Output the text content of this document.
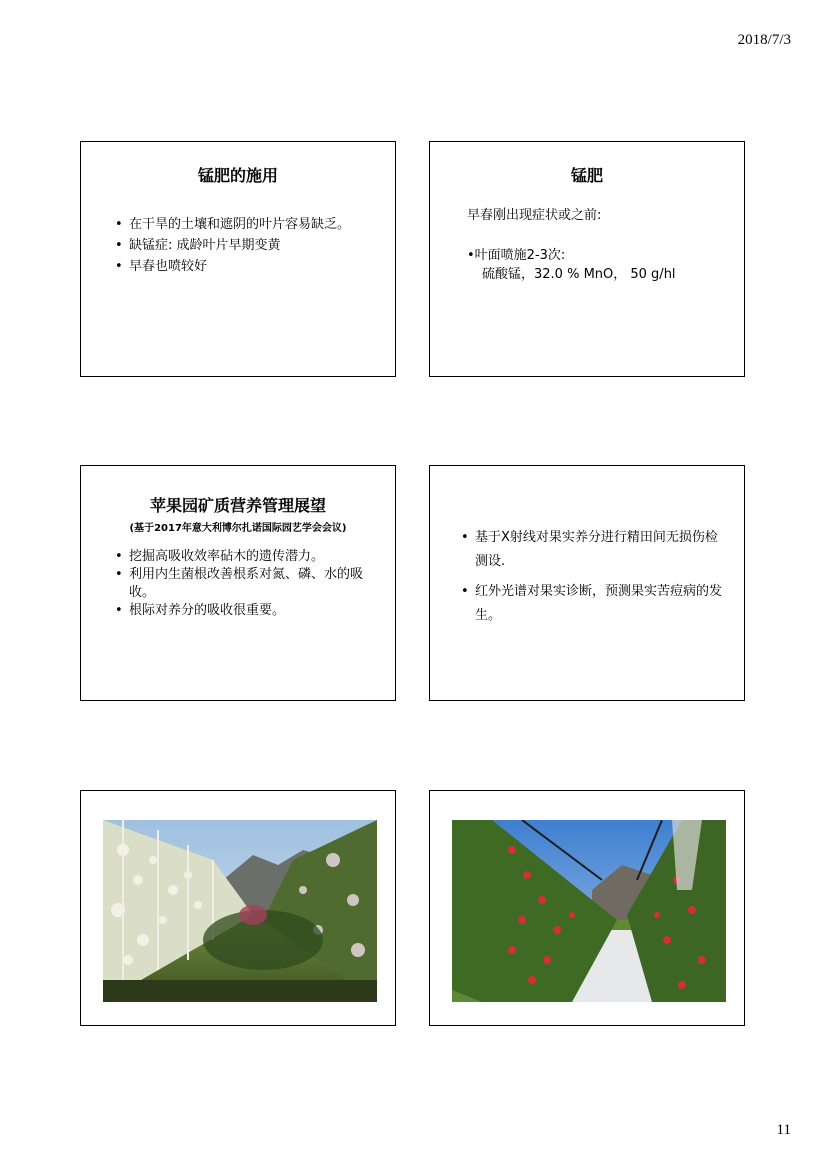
2018/7/3
锰肥的施用
• 在干旱的土壤和遮阴的叶片容易缺乏。
• 缺锰症: 成龄叶片早期变黄
• 早春也喷较好
锰肥
早春刚出现症状或之前:
•叶面喷施2-3次:
硫酸锰，32.0 % MnO， 50 g/hl
苹果园矿质营养管理展望
(基于2017年意大利博尔扎诺国际园艺学会会议)
• 挖掘高吸收效率砧木的遗传潜力。
• 利用内生菌根改善根系对氮、磷、水的吸收。
• 根际对养分的吸收很重要。
• 基于X射线对果实养分进行精田间无损伤检测设.
• 红外光谱对果实诊断，预测果实苦痘病的发生。
11
